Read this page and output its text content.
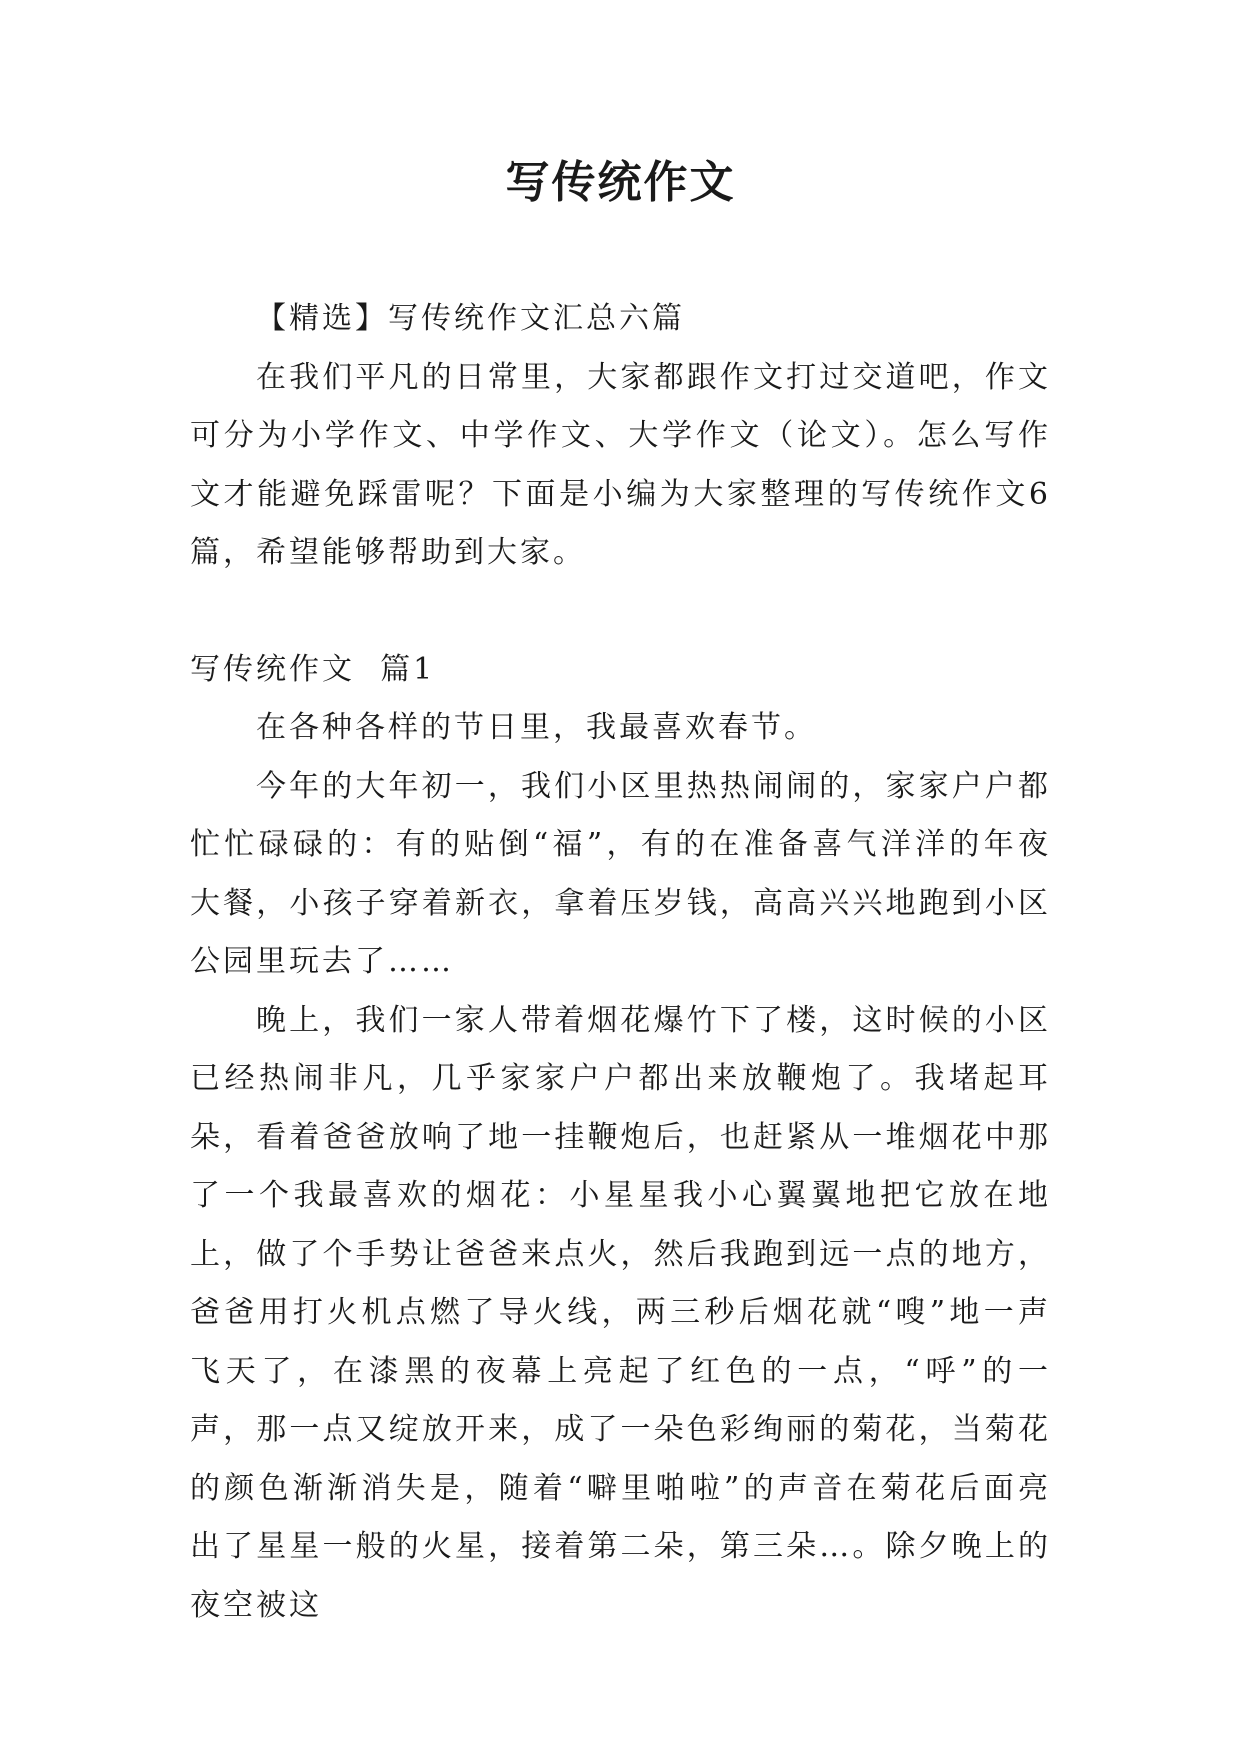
写传统作文

【精选】写传统作文汇总六篇

在我们平凡的日常里，大家都跟作文打过交道吧，作文可分为小学作文、中学作文、大学作文（论文）。怎么写作文才能避免踩雷呢？下面是小编为大家整理的写传统作文6篇，希望能够帮助到大家。

写传统作文  篇1

在各种各样的节日里，我最喜欢春节。

今年的大年初一，我们小区里热热闹闹的，家家户户都忙忙碌碌的：有的贴倒“福”，有的在准备喜气洋洋的年夜大餐，小孩子穿着新衣，拿着压岁钱，高高兴兴地跑到小区公园里玩去了……

晚上，我们一家人带着烟花爆竹下了楼，这时候的小区已经热闹非凡，几乎家家户户都出来放鞭炮了。我堵起耳朵，看着爸爸放响了地一挂鞭炮后，也赶紧从一堆烟花中那了一个我最喜欢的烟花：小星星我小心翼翼地把它放在地上，做了个手势让爸爸来点火，然后我跑到远一点的地方，爸爸用打火机点燃了导火线，两三秒后烟花就“嗖”地一声飞天了，在漆黑的夜幕上亮起了红色的一点，“呼”的一声，那一点又绽放开来，成了一朵色彩绚丽的菊花，当菊花的颜色渐渐消失是，随着“噼里啪啦”的声音在菊花后面亮出了星星一般的火星，接着第二朵，第三朵…。除夕晚上的夜空被这
